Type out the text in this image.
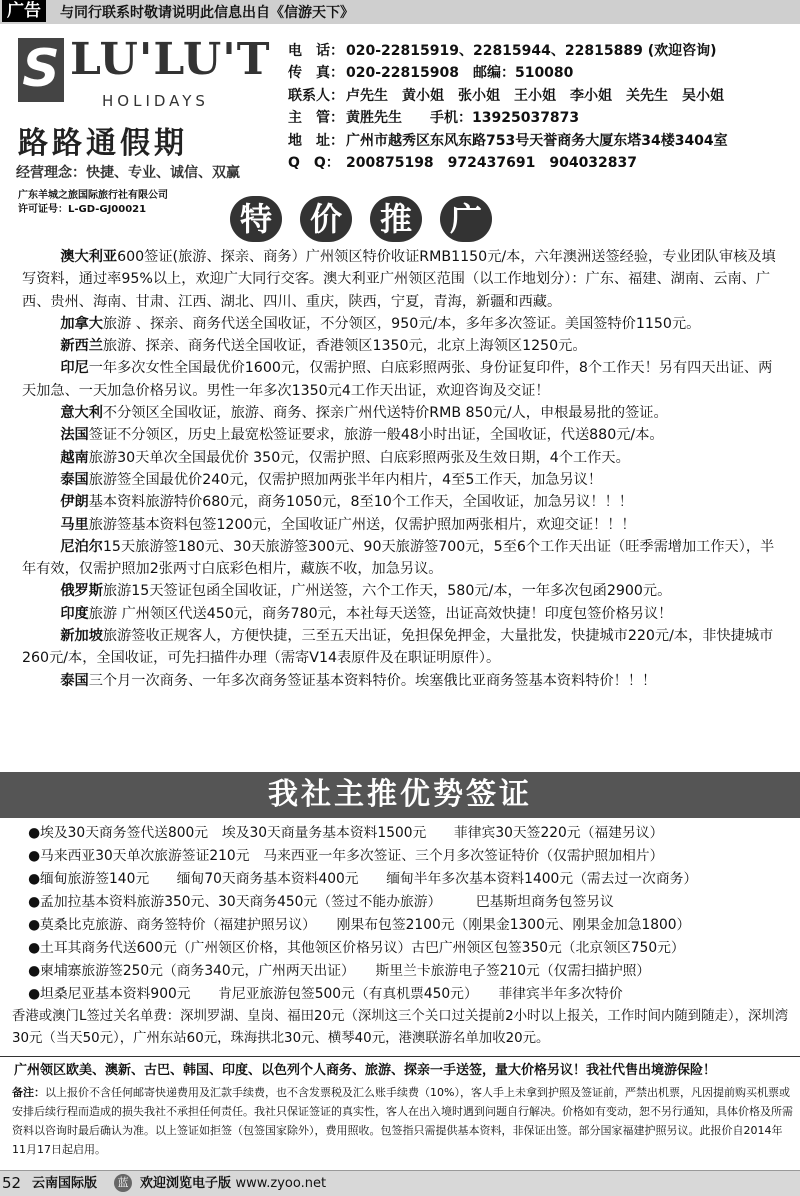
广告	与同行联系时敬请说明此信息出自《信游天下》
S LU'LU'T
HOLIDAYS
路路通假期
经营理念：快捷、专业、诚信、双赢
广东羊城之旅国际旅行社有限公司
许可证号：L-GD-GJ00021
电　话： 020-22815919、22815944、22815889 (欢迎咨询)
传　真： 020-22815908　邮编：510080
联系人： 卢先生　黄小姐　张小姐　王小姐　李小姐　关先生　吴小姐
主　管： 黄胜先生　　手机：13925037873
地　址： 广州市越秀区东风东路753号天誉商务大厦东塔34楼3404室
Q　Q： 200875198　972437691　904032837
特	价	推	广

澳大利亚600签证(旅游、探亲、商务）广州领区特价收证RMB1150元/本，六年澳洲送签经验，专业团队审核及填写资料，通过率95%以上，欢迎广大同行交客。澳大利亚广州领区范围（以工作地划分）：广东、福建、湖南、云南、广西、贵州、海南、甘肃、江西、湖北、四川、重庆，陕西，宁夏，青海，新疆和西藏。

加拿大旅游 、探亲、商务代送全国收证，不分领区，950元/本，多年多次签证。美国签特价1150元。

新西兰旅游、探亲、商务代送全国收证，香港领区1350元，北京上海领区1250元。

印尼一年多次女性全国最优价1600元，仅需护照、白底彩照两张、身份证复印件，8个工作天！另有四天出证、两天加急、一天加急价格另议。男性一年多次1350元4工作天出证，欢迎咨询及交证！

意大利不分领区全国收证，旅游、商务、探亲广州代送特价RMB 850元/人，申根最易批的签证。

法国签证不分领区，历史上最宽松签证要求，旅游一般48小时出证，全国收证，代送880元/本。

越南旅游30天单次全国最优价 350元，仅需护照、白底彩照两张及生效日期，4个工作天。

泰国旅游签全国最优价240元，仅需护照加两张半年内相片，4至5工作天，加急另议！

伊朗基本资料旅游特价680元，商务1050元，8至10个工作天，全国收证，加急另议！！！

马里旅游签基本资料包签1200元，全国收证广州送，仅需护照加两张相片，欢迎交证！！！

尼泊尔15天旅游签180元、30天旅游签300元、90天旅游签700元，5至6个工作天出证（旺季需增加工作天），半年有效，仅需护照加2张两寸白底彩色相片，藏族不收，加急另议。

俄罗斯旅游15天签证包函全国收证，广州送签，六个工作天，580元/本，一年多次包函2900元。

印度旅游 广州领区代送450元，商务780元，本社每天送签，出证高效快捷！印度包签价格另议！

新加坡旅游签收正规客人，方便快捷，三至五天出证，免担保免押金，大量批发，快捷城市220元/本，非快捷城市260元/本，全国收证，可先扫描件办理（需寄V14表原件及在职证明原件）。

泰国三个月一次商务、一年多次商务签证基本资料特价。埃塞俄比亚商务签基本资料特价！！！

我社主推优势签证
●埃及30天商务签代送800元　埃及30天商量务基本资料1500元　　菲律宾30天签220元（福建另议）
●马来西亚30天单次旅游签证210元　马来西亚一年多次签证、三个月多次签证特价（仅需护照加相片）
●缅甸旅游签140元　　缅甸70天商务基本资料400元　　缅甸半年多次基本资料1400元（需去过一次商务）
●孟加拉基本资料旅游350元、30天商务450元（签过不能办旅游）　　　巴基斯坦商务包签另议
●莫桑比克旅游、商务签特价（福建护照另议）　　刚果布包签2100元（刚果金1300元、刚果金加急1800）
●土耳其商务代送600元（广州领区价格，其他领区价格另议）古巴广州领区包签350元（北京领区750元）
●柬埔寨旅游签250元（商务340元，广州两天出证）　　斯里兰卡旅游电子签210元（仅需扫描护照）
●坦桑尼亚基本资料900元　　肯尼亚旅游包签500元（有真机票450元）　　菲律宾半年多次特价
香港或澳门L签过关名单费：深圳罗湖、皇岗、福田20元（深圳这三个关口过关提前2小时以上报关，工作时间内随到随走），深圳湾30元（当天50元），广州东站60元，珠海拱北30元、横琴40元，港澳联游名单加收20元。
广州领区欧美、澳新、古巴、韩国、印度、以色列个人商务、旅游、探亲一手送签，量大价格另议！我社代售出境游保险！
备注：以上报价不含任何邮寄快递费用及汇款手续费，也不含发票税及汇么账手续费（10%），客人手上未拿到护照及签证前，严禁出机票，凡因提前购买机票或安排后续行程而造成的损失我社不承担任何责任。我社只保证签证的真实性，客人在出入境时遇到问题自行解决。价格如有变动，恕不另行通知，具体价格及所需资料以咨询时最后确认为准。以上签证如拒签（包签国家除外），费用照收。包签指只需提供基本资料，非保证出签。部分国家福建护照另议。此报价自2014年11月17日起启用。
52 云南国际版	蓝 欢迎浏览电子版 www.zyoo.net
